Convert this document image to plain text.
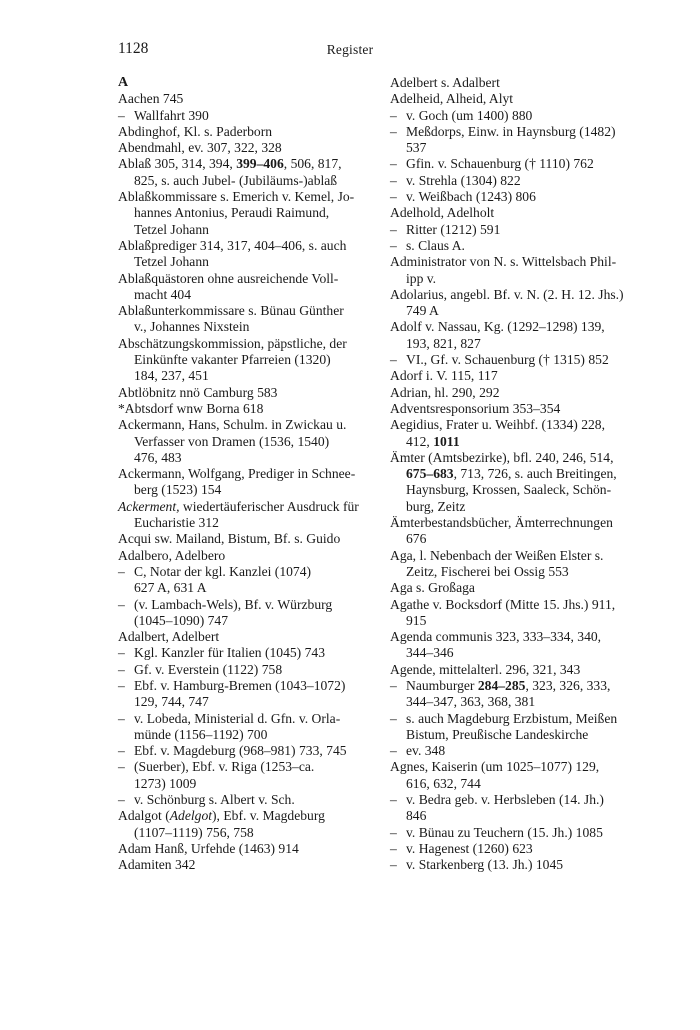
1128	Register
A
Aachen 745
– Wallfahrt 390
Abdinghof, Kl. s. Paderborn
Abendmahl, ev. 307, 322, 328
Ablaß 305, 314, 394, 399–406, 506, 817,
825, s. auch Jubel- (Jubiläums-)ablaß
Ablaßkommissare s. Emerich v. Kemel, Jo-
hannes Antonius, Peraudi Raimund,
Tetzel Johann
Ablaßprediger 314, 317, 404–406, s. auch
Tetzel Johann
Ablaßquästoren ohne ausreichende Voll-
macht 404
Ablaßunterkommissare s. Bünau Günther
v., Johannes Nixstein
Abschätzungskommission, päpstliche, der
Einkünfte vakanter Pfarreien (1320)
184, 237, 451
Abtlöbnitz nnö Camburg 583
*Abtsdorf wnw Borna 618
Ackermann, Hans, Schulm. in Zwickau u.
Verfasser von Dramen (1536, 1540)
476, 483
Ackermann, Wolfgang, Prediger in Schnee-
berg (1523) 154
Ackerment, wiedertäuferischer Ausdruck für
Eucharistie 312
Acqui sw. Mailand, Bistum, Bf. s. Guido
Adalbero, Adelbero
– C, Notar der kgl. Kanzlei (1074)
627 A, 631 A
– (v. Lambach-Wels), Bf. v. Würzburg
(1045–1090) 747
Adalbert, Adelbert
– Kgl. Kanzler für Italien (1045) 743
– Gf. v. Everstein (1122) 758
– Ebf. v. Hamburg-Bremen (1043–1072)
129, 744, 747
– v. Lobeda, Ministerial d. Gfn. v. Orla-
münde (1156–1192) 700
– Ebf. v. Magdeburg (968–981) 733, 745
– (Suerber), Ebf. v. Riga (1253–ca.
1273) 1009
– v. Schönburg s. Albert v. Sch.
Adalgot (Adelgot), Ebf. v. Magdeburg
(1107–1119) 756, 758
Adam Hanß, Urfehde (1463) 914
Adamiten 342
Adelbert s. Adalbert
Adelheid, Alheid, Alyt
– v. Goch (um 1400) 880
– Meßdorps, Einw. in Haynsburg (1482)
537
– Gfin. v. Schauenburg († 1110) 762
– v. Strehla (1304) 822
– v. Weißbach (1243) 806
Adelhold, Adelholt
– Ritter (1212) 591
– s. Claus A.
Administrator von N. s. Wittelsbach Phil-
ipp v.
Adolarius, angebl. Bf. v. N. (2. H. 12. Jhs.)
749 A
Adolf v. Nassau, Kg. (1292–1298) 139,
193, 821, 827
– VI., Gf. v. Schauenburg († 1315) 852
Adorf i. V. 115, 117
Adrian, hl. 290, 292
Adventsresponsorium 353–354
Aegidius, Frater u. Weihbf. (1334) 228,
412, 1011
Ämter (Amtsbezirke), bfl. 240, 246, 514,
675–683, 713, 726, s. auch Breitingen,
Haynsburg, Krossen, Saaleck, Schön-
burg, Zeitz
Ämterbestandsbücher, Ämterrechnungen
676
Aga, l. Nebenbach der Weißen Elster s.
Zeitz, Fischerei bei Ossig 553
Aga s. Großaga
Agathe v. Bocksdorf (Mitte 15. Jhs.) 911,
915
Agenda communis 323, 333–334, 340,
344–346
Agende, mittelalterl. 296, 321, 343
– Naumburger 284–285, 323, 326, 333,
344–347, 363, 368, 381
– s. auch Magdeburg Erzbistum, Meißen
Bistum, Preußische Landeskirche
– ev. 348
Agnes, Kaiserin (um 1025–1077) 129,
616, 632, 744
– v. Bedra geb. v. Herbsleben (14. Jh.)
846
– v. Bünau zu Teuchern (15. Jh.) 1085
– v. Hagenest (1260) 623
– v. Starkenberg (13. Jh.) 1045
